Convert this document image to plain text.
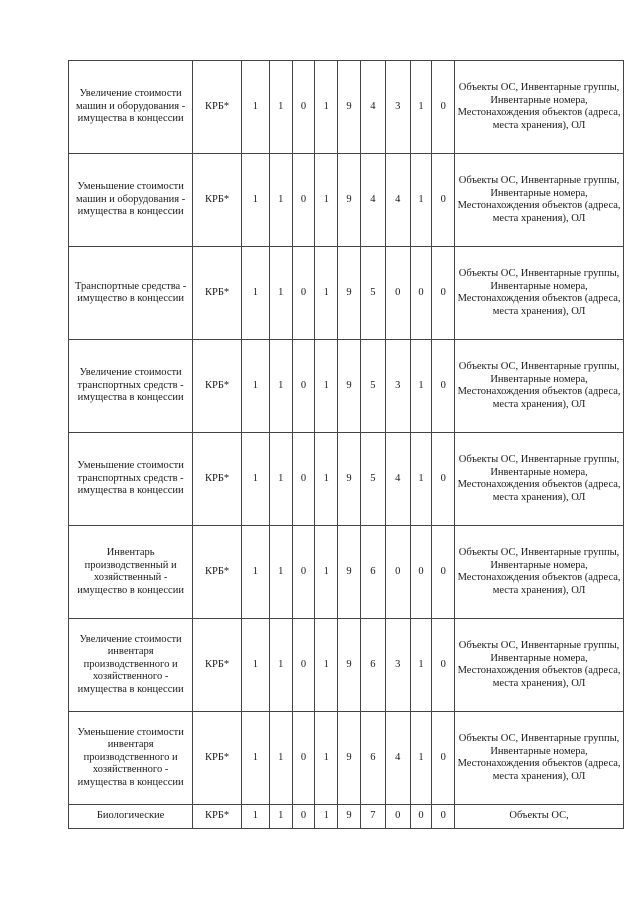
Увеличение стоимости машин и оборудования - имущества в концессии	КРБ*	1	1	0	1	9	4	3	1	0	Объекты ОС, Инвентарные группы, Инвентарные номера, Местонахождения объектов (адреса, места хранения), ОЛ
Уменьшение стоимости машин и оборудования - имущества в концессии	КРБ*	1	1	0	1	9	4	4	1	0	Объекты ОС, Инвентарные группы, Инвентарные номера, Местонахождения объектов (адреса, места хранения), ОЛ
Транспортные средства - имущество в концессии	КРБ*	1	1	0	1	9	5	0	0	0	Объекты ОС, Инвентарные группы, Инвентарные номера, Местонахождения объектов (адреса, места хранения), ОЛ
Увеличение стоимости транспортных средств - имущества в концессии	КРБ*	1	1	0	1	9	5	3	1	0	Объекты ОС, Инвентарные группы, Инвентарные номера, Местонахождения объектов (адреса, места хранения), ОЛ
Уменьшение стоимости транспортных средств - имущества в концессии	КРБ*	1	1	0	1	9	5	4	1	0	Объекты ОС, Инвентарные группы, Инвентарные номера, Местонахождения объектов (адреса, места хранения), ОЛ
Инвентарь производственный и хозяйственный - имущество в концессии	КРБ*	1	1	0	1	9	6	0	0	0	Объекты ОС, Инвентарные группы, Инвентарные номера, Местонахождения объектов (адреса, места хранения), ОЛ
Увеличение стоимости инвентаря производственного и хозяйственного - имущества в концессии	КРБ*	1	1	0	1	9	6	3	1	0	Объекты ОС, Инвентарные группы, Инвентарные номера, Местонахождения объектов (адреса, места хранения), ОЛ
Уменьшение стоимости инвентаря производственного и хозяйственного - имущества в концессии	КРБ*	1	1	0	1	9	6	4	1	0	Объекты ОС, Инвентарные группы, Инвентарные номера, Местонахождения объектов (адреса, места хранения), ОЛ
Биологические	КРБ*	1	1	0	1	9	7	0	0	0	Объекты ОС,
